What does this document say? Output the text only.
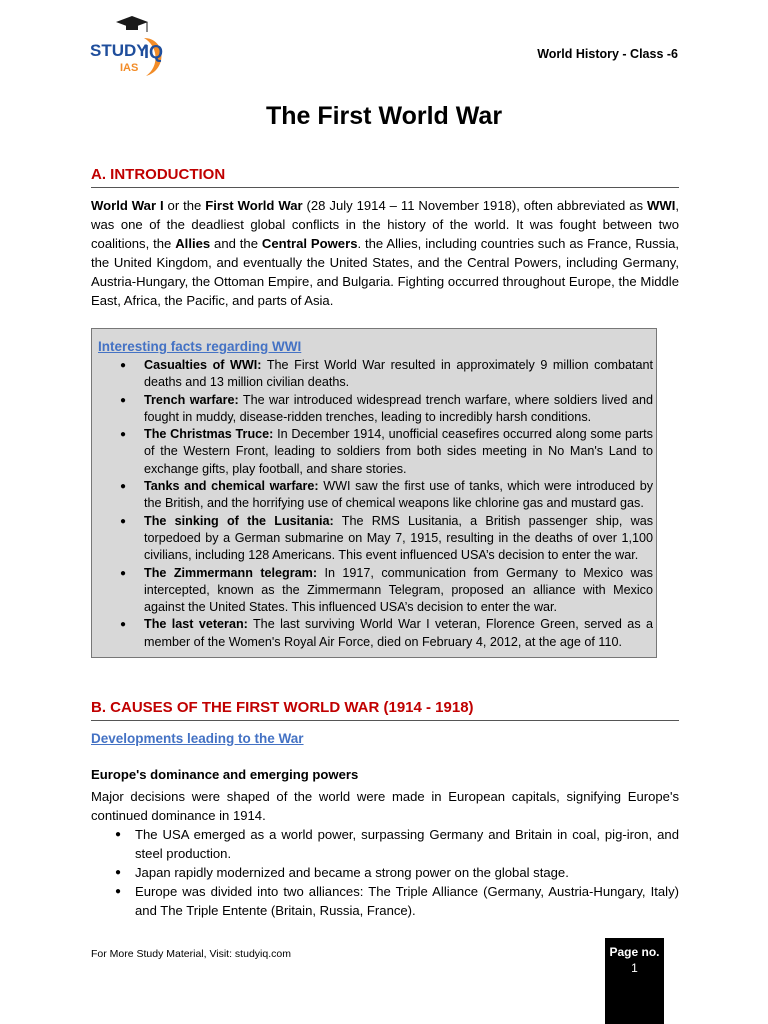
STUDY
IQ
IAS
World History - Class -6
The First World War
A. INTRODUCTION
World War I or the First World War (28 July 1914 – 11 November 1918), often abbreviated as WWI, was one of the deadliest global conflicts in the history of the world. It was fought between two coalitions, the Allies and the Central Powers. the Allies, including countries such as France, Russia, the United Kingdom, and eventually the United States, and the Central Powers, including Germany, Austria-Hungary, the Ottoman Empire, and Bulgaria. Fighting occurred throughout Europe, the Middle East, Africa, the Pacific, and parts of Asia.
Interesting facts regarding WWI
● Casualties of WWI: The First World War resulted in approximately 9 million combatant deaths and 13 million civilian deaths.
● Trench warfare: The war introduced widespread trench warfare, where soldiers lived and fought in muddy, disease-ridden trenches, leading to incredibly harsh conditions.
● The Christmas Truce: In December 1914, unofficial ceasefires occurred along some parts of the Western Front, leading to soldiers from both sides meeting in No Man's Land to exchange gifts, play football, and share stories.
● Tanks and chemical warfare: WWI saw the first use of tanks, which were introduced by the British, and the horrifying use of chemical weapons like chlorine gas and mustard gas.
● The sinking of the Lusitania: The RMS Lusitania, a British passenger ship, was torpedoed by a German submarine on May 7, 1915, resulting in the deaths of over 1,100 civilians, including 128 Americans. This event influenced USA’s decision to enter the war.
● The Zimmermann telegram: In 1917, communication from Germany to Mexico was intercepted, known as the Zimmermann Telegram, proposed an alliance with Mexico against the United States. This influenced USA’s decision to enter the war.
● The last veteran: The last surviving World War I veteran, Florence Green, served as a member of the Women's Royal Air Force, died on February 4, 2012, at the age of 110.
B. CAUSES OF THE FIRST WORLD WAR (1914 - 1918)
Developments leading to the War
Europe's dominance and emerging powers
Major decisions were shaped of the world were made in European capitals, signifying Europe's continued dominance in 1914.
● The USA emerged as a world power, surpassing Germany and Britain in coal, pig-iron, and steel production.
● Japan rapidly modernized and became a strong power on the global stage.
● Europe was divided into two alliances: The Triple Alliance (Germany, Austria-Hungary, Italy) and The Triple Entente (Britain, Russia, France).
For More Study Material, Visit: studyiq.com	Page no.
1
